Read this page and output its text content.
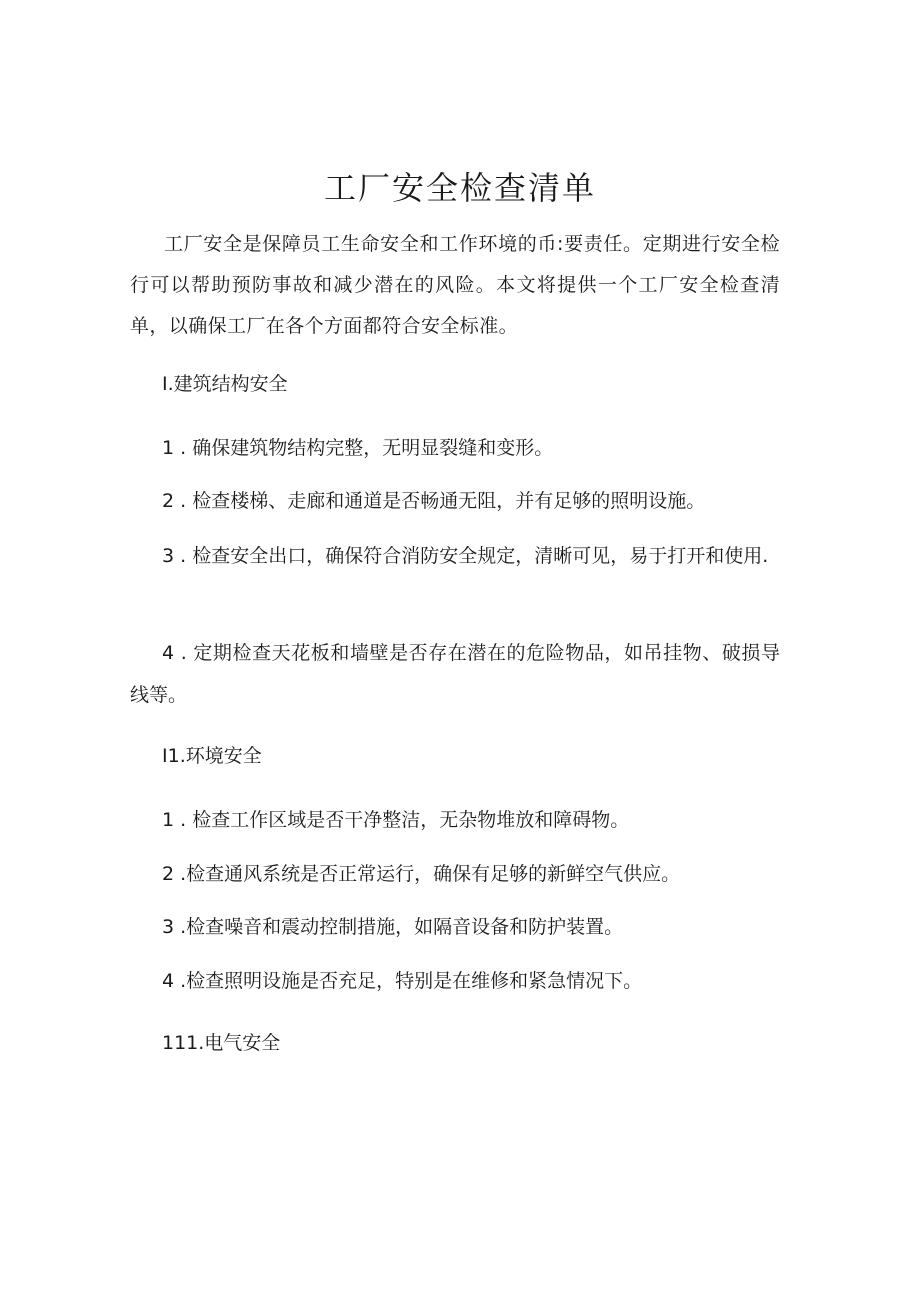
工厂安全检查清单

工厂安全是保障员工生命安全和工作环境的币:要责任。定期进行安全检行可以帮助预防事故和减少潜在的风险。本文将提供一个工厂安全检查清单，以确保工厂在各个方面都符合安全标准。

I.建筑结构安全

1 . 确保建筑物结构完整，无明显裂缝和变形。

2 . 检查楼梯、走廊和通道是否畅通无阻，并有足够的照明设施。

3 . 检查安全出口，确保符合消防安全规定，清晰可见，易于打开和使用.

4 . 定期检查天花板和墙壁是否存在潜在的危险物品，如吊挂物、破损导线等。

I1.环境安全

1 . 检查工作区域是否干净整洁，无杂物堆放和障碍物。

2 .检查通风系统是否正常运行，确保有足够的新鲜空气供应。

3 .检查噪音和震动控制措施，如隔音设备和防护装置。

4 .检查照明设施是否充足，特别是在维修和紧急情况下。

111.电气安全
